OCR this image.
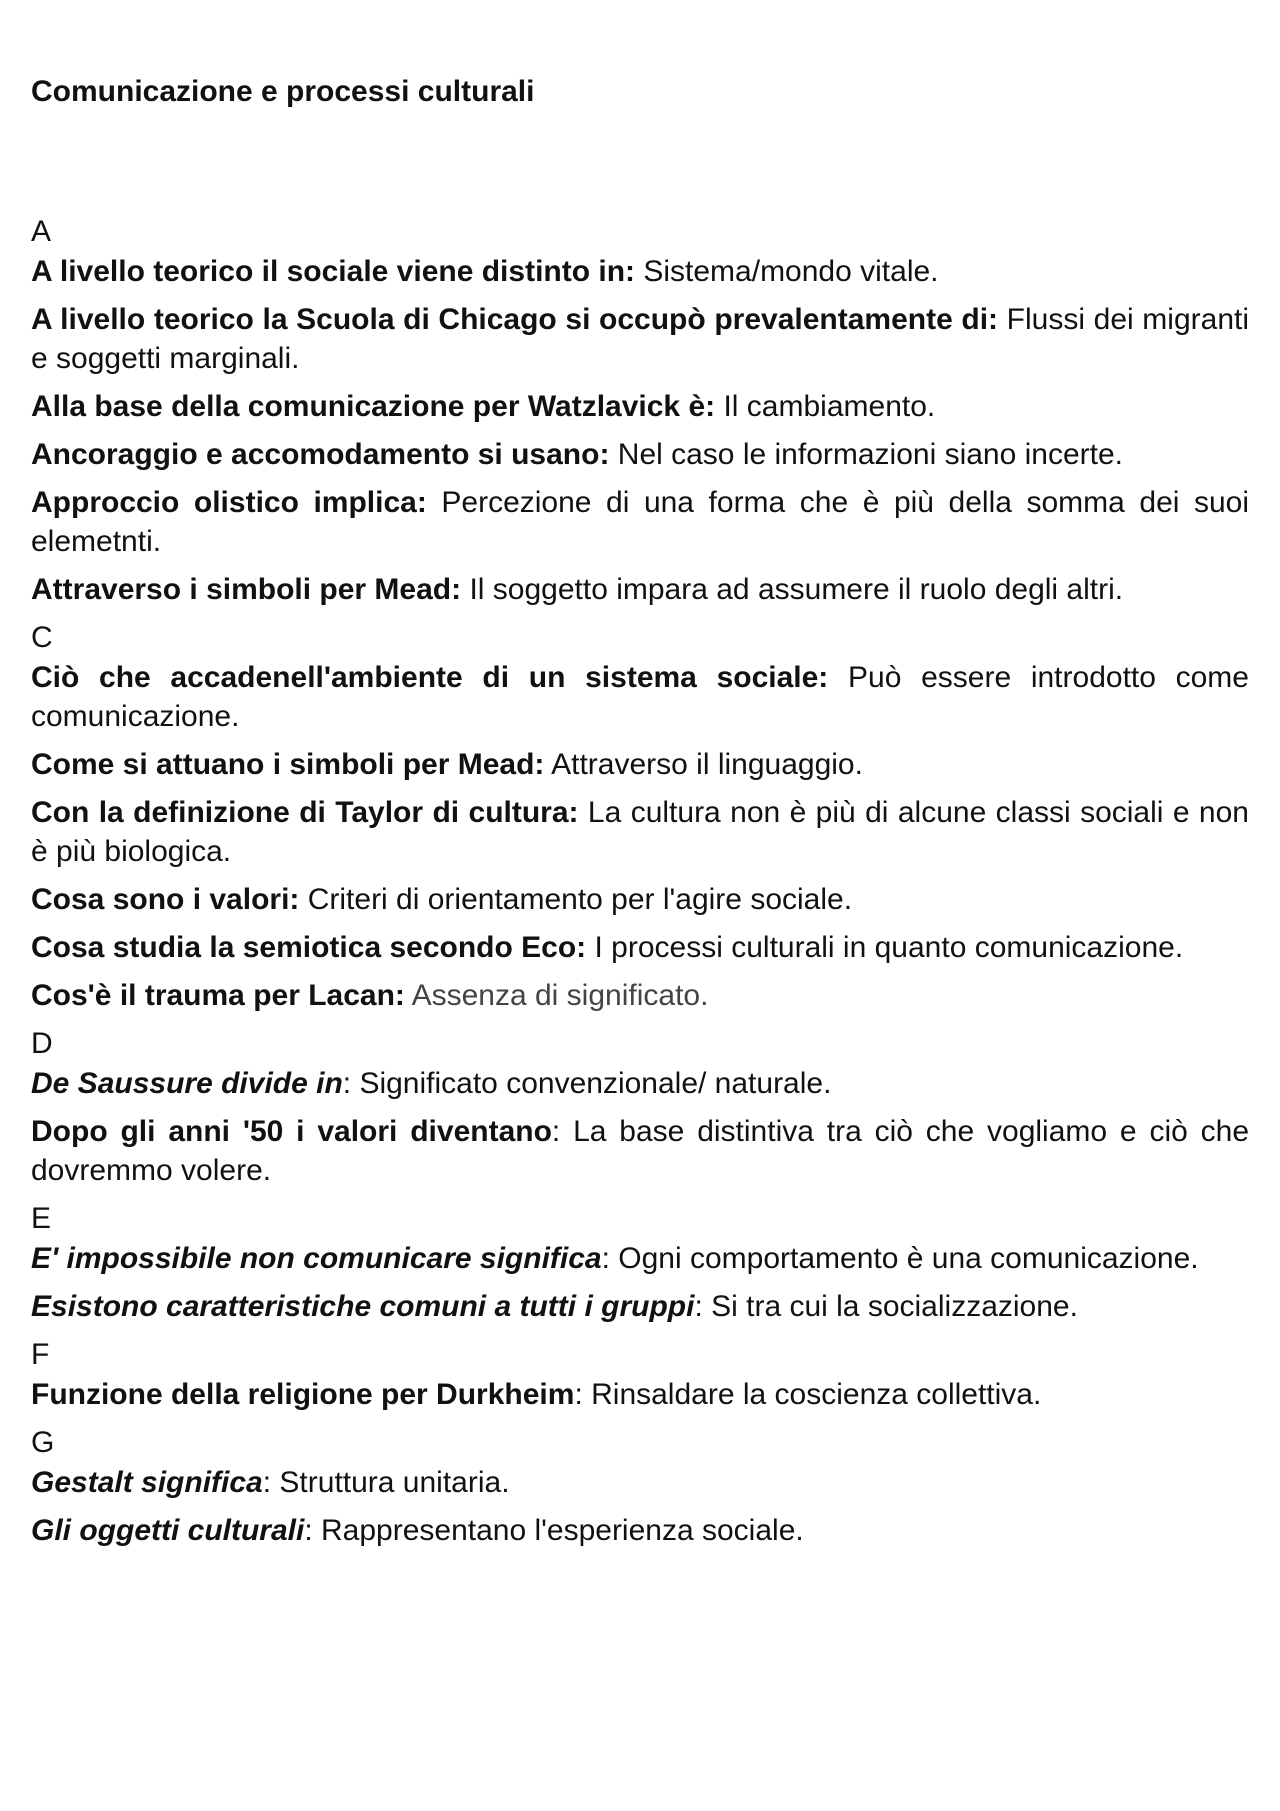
Comunicazione e processi culturali
A

A livello teorico il sociale viene distinto in: Sistema/mondo vitale.

A livello teorico la Scuola di Chicago si occupò prevalentamente di: Flussi dei migranti e soggetti marginali.

Alla base della comunicazione per Watzlavick è: Il cambiamento.

Ancoraggio e accomodamento si usano: Nel caso le informazioni siano incerte.

Approccio olistico implica: Percezione di una forma che è più della somma dei suoi elemetnti.

Attraverso i simboli per Mead: Il soggetto impara ad assumere il ruolo degli altri.

C

Ciò che accadenell'ambiente di un sistema sociale: Può essere introdotto come comunicazione.

Come si attuano i simboli per Mead: Attraverso il linguaggio.

Con la definizione di Taylor di cultura: La cultura non è più di alcune classi sociali e non è più biologica.

Cosa sono i valori: Criteri di orientamento per l'agire sociale.

Cosa studia la semiotica secondo Eco: I processi culturali in quanto comunicazione.

Cos'è il trauma per Lacan: Assenza di significato.

D

De Saussure divide in: Significato convenzionale/ naturale.

Dopo gli anni '50 i valori diventano: La base distintiva tra ciò che vogliamo e ciò che dovremmo volere.

E

E' impossibile non comunicare significa: Ogni comportamento è una comunicazione.

Esistono caratteristiche comuni a tutti i gruppi: Si tra cui la socializzazione.

F

Funzione della religione per Durkheim: Rinsaldare la coscienza collettiva.

G

Gestalt significa: Struttura unitaria.

Gli oggetti culturali: Rappresentano l'esperienza sociale.
